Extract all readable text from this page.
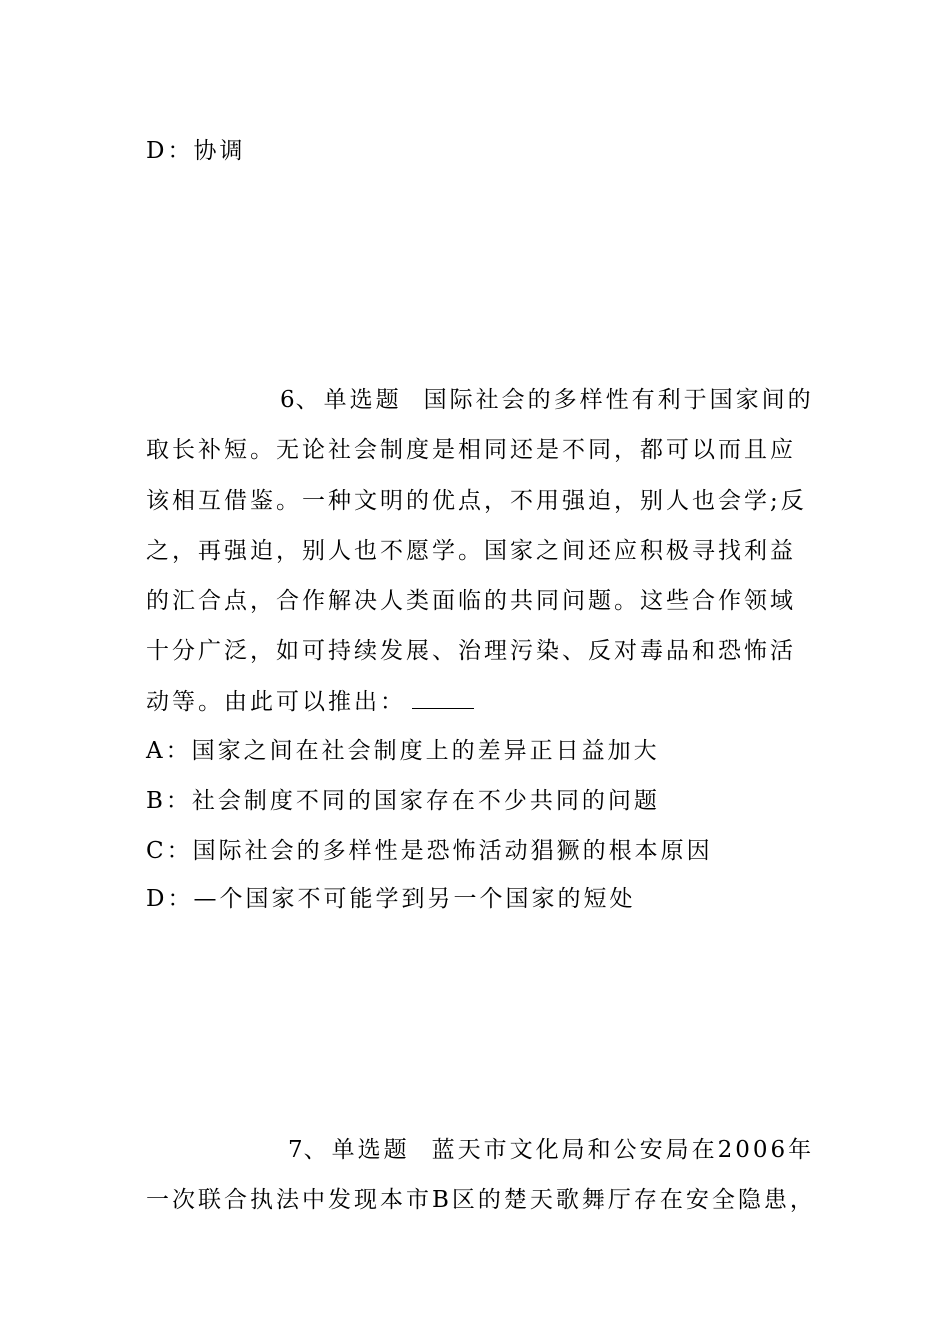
D：协调
6、 单选题 国际社会的多样性有利于国家间的
取长补短。无论社会制度是相同还是不同，都可以而且应
该相互借鉴。一种文明的优点，不用强迫，别人也会学;反
之，再强迫，别人也不愿学。国家之间还应积极寻找利益
的汇合点，合作解决人类面临的共同问题。这些合作领域
十分广泛，如可持续发展、治理污染、反对毒品和恐怖活
动等。由此可以推出：
A：国家之间在社会制度上的差异正日益加大
B：社会制度不同的国家存在不少共同的问题
C：国际社会的多样性是恐怖活动猖獗的根本原因
D：—个国家不可能学到另一个国家的短处
7、 单选题 蓝天市文化局和公安局在2006年
一次联合执法中发现本市B区的楚天歌舞厅存在安全隐患，
